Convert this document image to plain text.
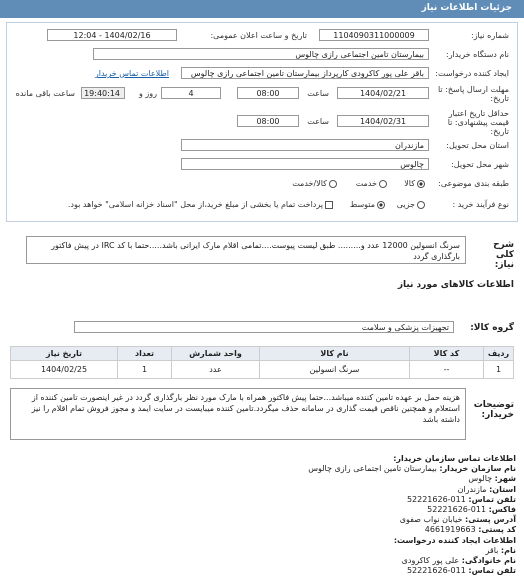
جزئیات اطلاعات نیاز
شماره نیاز:
1104090311000009
تاریخ و ساعت اعلان عمومی:
1404/02/16 - 12:04
نام دستگاه خریدار:
بیمارستان تامین اجتماعی رازی چالوس
ایجاد کننده درخواست:
باقر علی پور کاکرودی کارپرداز بیمارستان تامین اجتماعی رازی چالوس
اطلاعات تماس خریدار
مهلت ارسال پاسخ: تا تاریخ:
1404/02/21
ساعت
08:00
4
روز و
19:40:14
ساعت باقی مانده
حداقل تاریخ اعتبار قیمت پیشنهادی: تا تاریخ:
1404/02/31
ساعت
08:00
استان محل تحویل:
مازندران
شهر محل تحویل:
چالوس
طبقه بندی موضوعی:
کالا
خدمت
کالا/خدمت
نوع فرآیند خرید :
جزیی
متوسط
پرداخت تمام یا بخشی از مبلغ خرید،از محل "اسناد خزانه اسلامی" خواهد بود.
شرح کلی نیاز:
سرنگ انسولین 12000 عدد و......... طبق لیست پیوست....تمامی اقلام مارک ایرانی باشد.....حتما با کد IRC در پیش فاکتور بارگذاری گردد
اطلاعات کالاهای مورد نیاز
گروه کالا:
تجهیزات پزشکی و سلامت
ردیف	کد کالا	نام کالا	واحد شمارش	تعداد	تاریخ نیاز
1	--	سرنگ انسولین	عدد	1	1404/02/25
توضیحات خریدار:
هزینه حمل بر عهده تامین کننده میباشد...حتما پیش فاکتور همراه با مارک مورد نظر بارگذاری گردد در غیر اینصورت تامین کننده از استعلام و همچنین ناقص قیمت گذاری در سامانه حذف میگردد.تامین کننده میبایست در سایت ایمد و مجوز فروش تمام اقلام را نیز داشته باشد
اطلاعات تماس سازمان خریدار:
نام سازمان خریدار: بیمارستان تامین اجتماعی رازی چالوس
شهر: چالوس
استان: مازندران
تلفن تماس: 011-52221626
فاکس: 011-52221626
آدرس پستی: خیابان نواب صفوی
کد پستی: 4661919663
اطلاعات ایجاد کننده درخواست:
نام: باقر
نام خانوادگی: علی پور کاکرودی
تلفن تماس: 011-52221626
